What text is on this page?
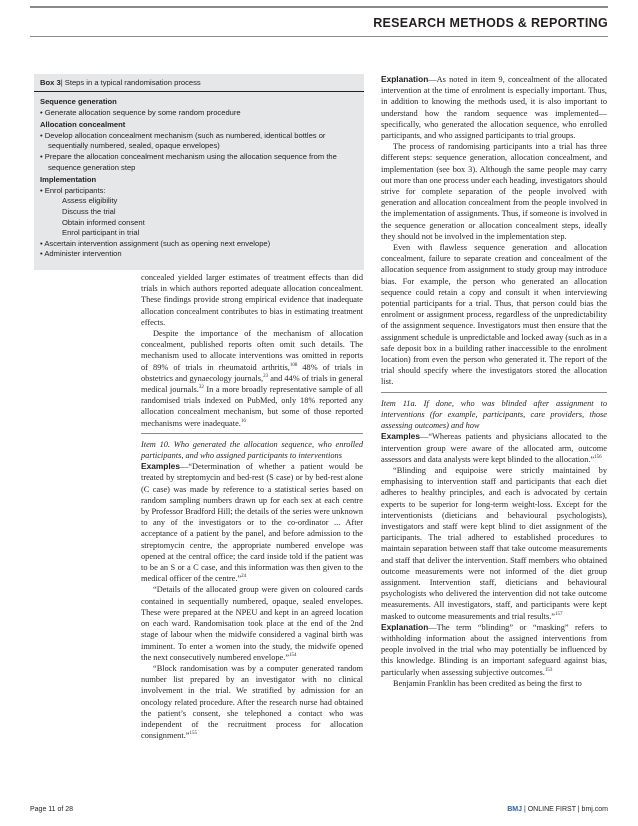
RESEARCH METHODS & REPORTING
Box 3| Steps in a typical randomisation process
Sequence generation
• Generate allocation sequence by some random procedure
Allocation concealment
• Develop allocation concealment mechanism (such as numbered, identical bottles or sequentially numbered, sealed, opaque envelopes)
• Prepare the allocation concealment mechanism using the allocation sequence from the sequence generation step
Implementation
• Enrol participants:
Assess eligibility
Discuss the trial
Obtain informed consent
Enrol participant in trial
• Ascertain intervention assignment (such as opening next envelope)
• Administer intervention

concealed yielded larger estimates of treatment effects than did trials in which authors reported adequate allocation concealment. These findings provide strong empirical evidence that inadequate allocation concealment contributes to bias in estimating treatment effects.

Despite the importance of the mechanism of allocation concealment, published reports often omit such details. The mechanism used to allocate interventions was omitted in reports of 89% of trials in rheumatoid arthritis,$^{108}$ 48% of trials in obstetrics and gynaecology journals,$^{23}$ and 44% of trials in general medical journals.$^{32}$ In a more broadly representative sample of all randomised trials indexed on PubMed, only 18% reported any allocation concealment mechanism, but some of those reported mechanisms were inadequate.$^{16}$

Item 10. Who generated the allocation sequence, who enrolled participants, and who assigned participants to interventions

Examples—“Determination of whether a patient would be treated by streptomycin and bed-rest (S case) or by bed-rest alone (C case) was made by reference to a statistical series based on random sampling numbers drawn up for each sex at each centre by Professor Bradford Hill; the details of the series were unknown to any of the investigators or to the co-ordinator ... After acceptance of a patient by the panel, and before admission to the streptomycin centre, the appropriate numbered envelope was opened at the central office; the card inside told if the patient was to be an S or a C case, and this information was then given to the medical officer of the centre.”$^{24}$

“Details of the allocated group were given on coloured cards contained in sequentially numbered, opaque, sealed envelopes. These were prepared at the NPEU and kept in an agreed location on each ward. Randomisation took place at the end of the 2nd stage of labour when the midwife considered a vaginal birth was imminent. To enter a women into the study, the midwife opened the next consecutively numbered envelope.”$^{154}$

“Block randomisation was by a computer generated random number list prepared by an investigator with no clinical involvement in the trial. We stratified by admission for an oncology related procedure. After the research nurse had obtained the patient’s consent, she telephoned a contact who was independent of the recruitment process for allocation consignment.”$^{155}$

Explanation—As noted in item 9, concealment of the allocated intervention at the time of enrolment is especially important. Thus, in addition to knowing the methods used, it is also important to understand how the random sequence was implemented—specifically, who generated the allocation sequence, who enrolled participants, and who assigned participants to trial groups.

The process of randomising participants into a trial has three different steps: sequence generation, allocation concealment, and implementation (see box 3). Although the same people may carry out more than one process under each heading, investigators should strive for complete separation of the people involved with generation and allocation concealment from the people involved in the implementation of assignments. Thus, if someone is involved in the sequence generation or allocation concealment steps, ideally they should not be involved in the implementation step.

Even with flawless sequence generation and allocation concealment, failure to separate creation and concealment of the allocation sequence from assignment to study group may introduce bias. For example, the person who generated an allocation sequence could retain a copy and consult it when interviewing potential participants for a trial. Thus, that person could bias the enrolment or assignment process, regardless of the unpredictability of the assignment sequence. Investigators must then ensure that the assignment schedule is unpredictable and locked away (such as in a safe deposit box in a building rather inaccessible to the enrolment location) from even the person who generated it. The report of the trial should specify where the investigators stored the allocation list.

Item 11a. If done, who was blinded after assignment to interventions (for example, participants, care providers, those assessing outcomes) and how

Examples—“Whereas patients and physicians allocated to the intervention group were aware of the allocated arm, outcome assessors and data analysts were kept blinded to the allocation.”$^{156}$

“Blinding and equipoise were strictly maintained by emphasising to intervention staff and participants that each diet adheres to healthy principles, and each is advocated by certain experts to be superior for long-term weight-loss. Except for the interventionists (dieticians and behavioural psychologists), investigators and staff were kept blind to diet assignment of the participants. The trial adhered to established procedures to maintain separation between staff that take outcome measurements and staff that deliver the intervention. Staff members who obtained outcome measurements were not informed of the diet group assignment. Intervention staff, dieticians and behavioural psychologists who delivered the intervention did not take outcome measurements. All investigators, staff, and participants were kept masked to outcome measurements and trial results.”$^{157}$

Explanation—The term “blinding” or “masking” refers to withholding information about the assigned interventions from people involved in the trial who may potentially be influenced by this knowledge. Blinding is an important safeguard against bias, particularly when assessing subjective outcomes.$^{153}$

Benjamin Franklin has been credited as being the first to

Page 11 of 28	BMJ | ONLINE FIRST | bmj.com
